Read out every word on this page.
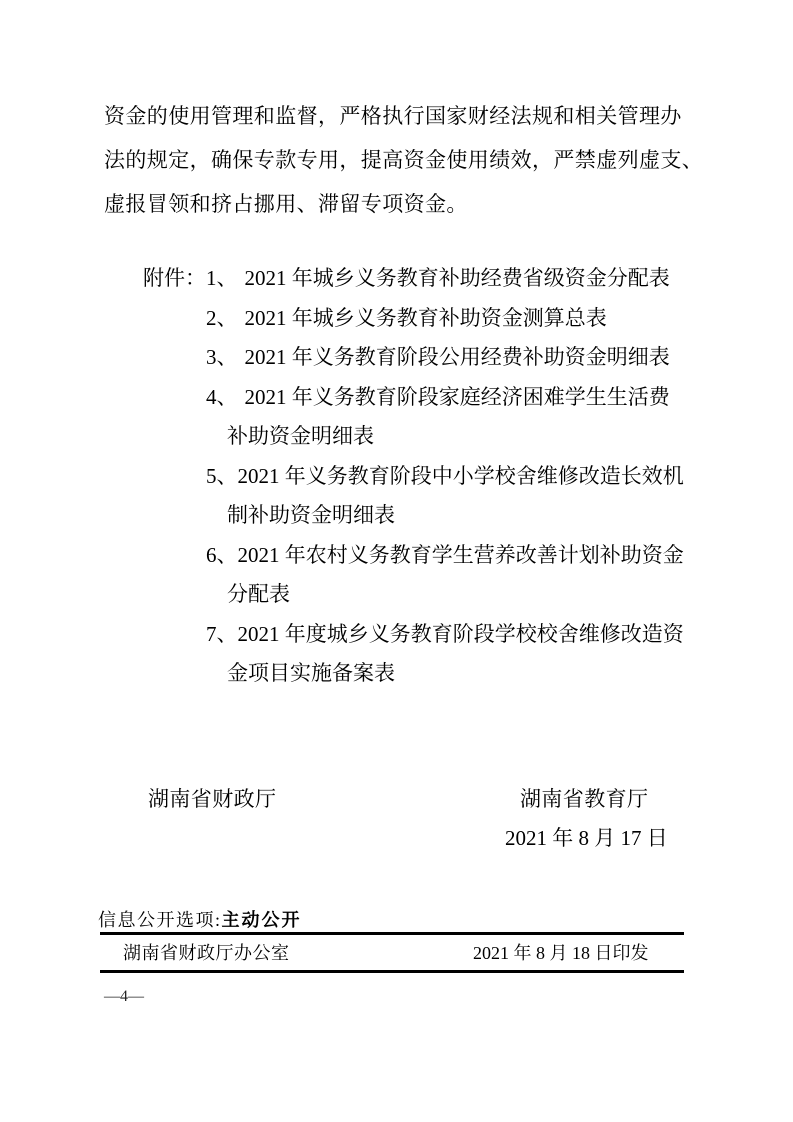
资金的使用管理和监督，严格执行国家财经法规和相关管理办
法的规定，确保专款专用，提高资金使用绩效，严禁虚列虚支、
虚报冒领和挤占挪用、滞留专项资金。
附件：1、 2021 年城乡义务教育补助经费省级资金分配表
2、 2021 年城乡义务教育补助资金测算总表
3、 2021 年义务教育阶段公用经费补助资金明细表
4、 2021 年义务教育阶段家庭经济困难学生生活费
补助资金明细表
5、2021 年义务教育阶段中小学校舍维修改造长效机
制补助资金明细表
6、2021 年农村义务教育学生营养改善计划补助资金
分配表
7、2021 年度城乡义务教育阶段学校校舍维修改造资
金项目实施备案表
湖南省财政厅	湖南省教育厅
2021 年 8 月 17 日
信息公开选项:主动公开
湖南省财政厅办公室	2021 年 8 月 18 日印发
—4—
